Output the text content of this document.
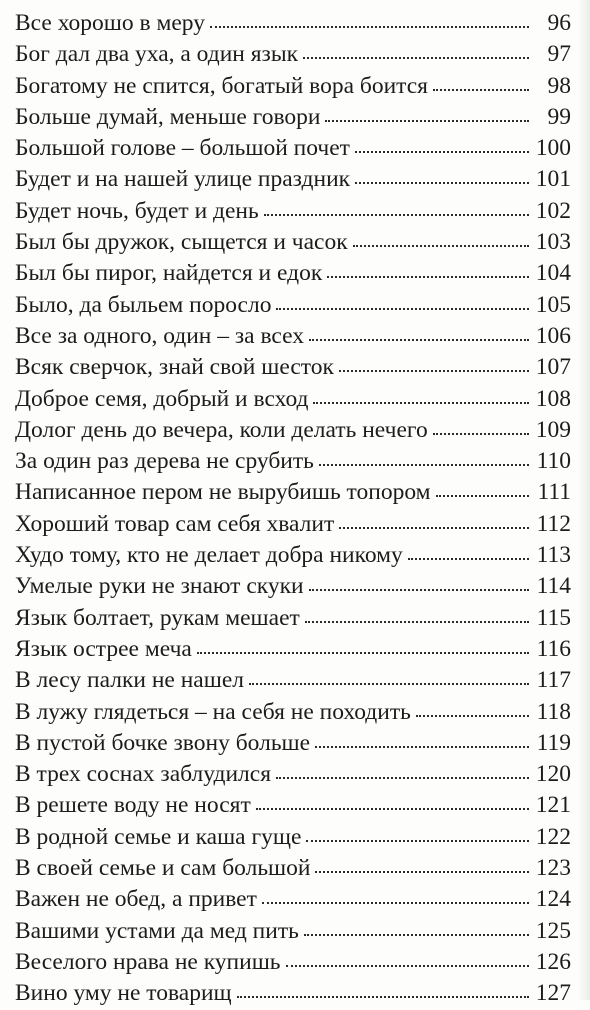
Все хорошо в меру	96
Бог дал два уха, а один язык	97
Богатому не спится, богатый вора боится	98
Больше думай, меньше говори	99
Большой голове – большой почет	100
Будет и на нашей улице праздник	101
Будет ночь, будет и день	102
Был бы дружок, сыщется и часок	103
Был бы пирог, найдется и едок	104
Было, да быльем поросло	105
Все за одного, один – за всех	106
Всяк сверчок, знай свой шесток	107
Доброе семя, добрый и всход	108
Долог день до вечера, коли делать нечего	109
За один раз дерева не срубить	110
Написанное пером не вырубишь топором	111
Хороший товар сам себя хвалит	112
Худо тому, кто не делает добра никому	113
Умелые руки не знают скуки	114
Язык болтает, рукам мешает	115
Язык острее меча	116
В лесу палки не нашел	117
В лужу глядеться – на себя не походить	118
В пустой бочке звону больше	119
В трех соснах заблудился	120
В решете воду не носят	121
В родной семье и каша гуще	122
В своей семье и сам большой	123
Важен не обед, а привет	124
Вашими устами да мед пить	125
Веселого нрава не купишь	126
Вино уму не товарищ	127
